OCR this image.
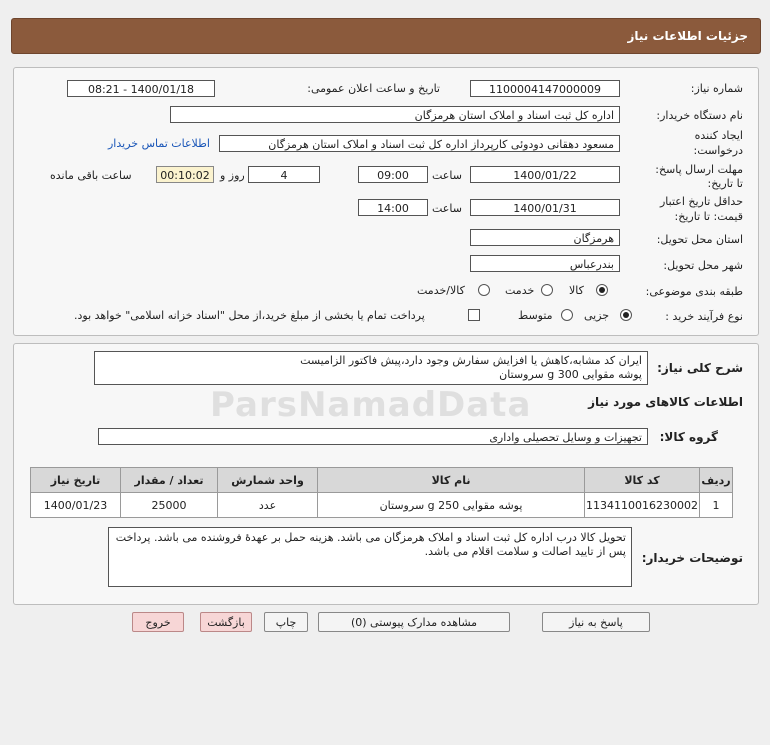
جزئیات اطلاعات نیاز
شماره نیاز:
1100004147000009
تاریخ و ساعت اعلان عمومی:
1400/01/18 - 08:21
نام دستگاه خریدار:
اداره کل ثبت اسناد و املاک استان هرمزگان
ایجاد کننده
درخواست:
مسعود دهقانی دودوئی کارپرداز اداره کل ثبت اسناد و املاک استان هرمزگان
اطلاعات تماس خریدار
مهلت ارسال پاسخ:
تا تاریخ:
1400/01/22
ساعت
09:00
4
روز و
00:10:02
ساعت باقی مانده
حداقل تاریخ اعتبار
قیمت: تا تاریخ:
1400/01/31
ساعت
14:00
استان محل تحویل:
هرمزگان
شهر محل تحویل:
بندرعباس
طبقه بندی موضوعی:
کالا
خدمت
کالا/خدمت
نوع فرآیند خرید :
جزیی
متوسط
پرداخت تمام یا بخشی از مبلغ خرید،از محل "اسناد خزانه اسلامی" خواهد بود.
شرح کلی نیاز:
ایران کد مشابه،کاهش یا افزایش سفارش وجود دارد،پیش فاکتور الزامیست
پوشه مقوایی 300 g سروستان
ParsNamadData	اطلاعات کالاهای مورد نیاز
گروه کالا:
تجهیزات و وسایل تحصیلی واداری
ردیف	کد کالا	نام کالا	واحد شمارش	تعداد / مقدار	تاریخ نیاز
1	1134110016230002	پوشه مقوایی 250 g سروستان	عدد	25000	1400/01/23
توضیحات خریدار:
تحویل کالا درب اداره کل ثبت اسناد و املاک هرمزگان می باشد. هزینه حمل بر عهدهٔ فروشنده می باشد. پرداخت پس از تایید اصالت و سلامت اقلام می باشد.
پاسخ به نیاز
مشاهده مدارک پیوستی (0)
چاپ
بازگشت
خروج
